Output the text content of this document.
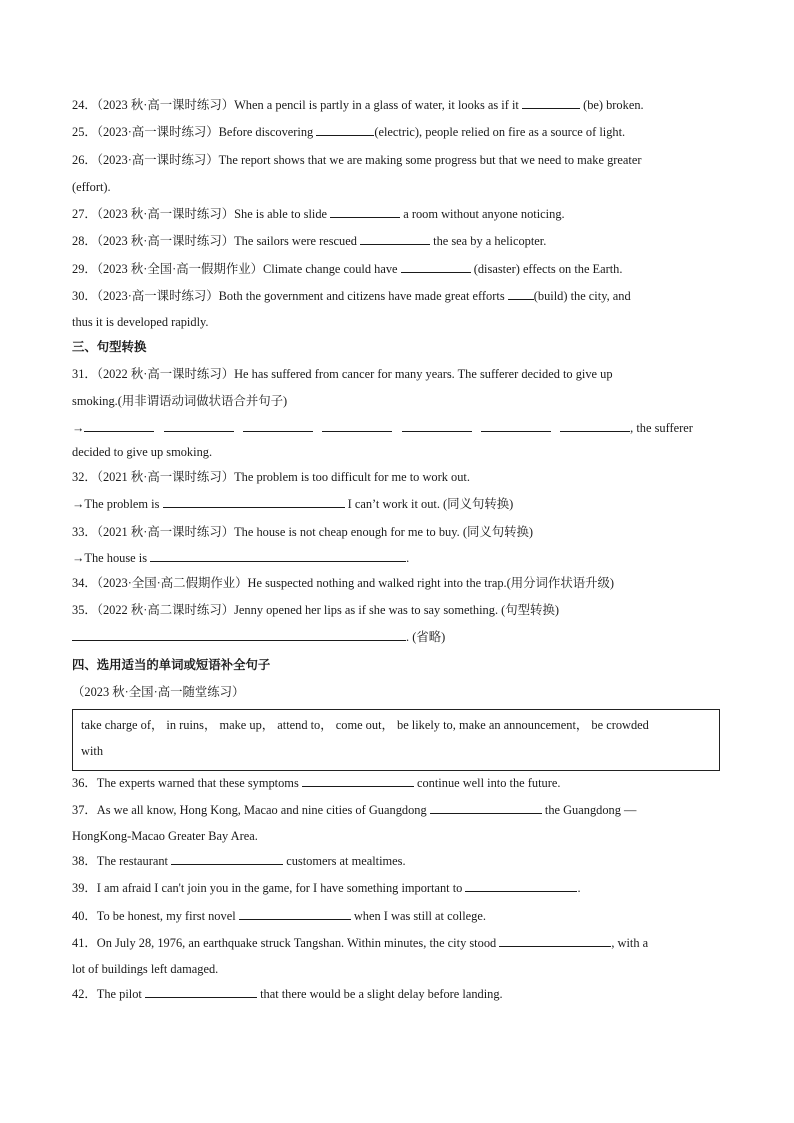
24．（2023 秋·高一课时练习）When a pencil is partly in a glass of water, it looks as if it	(be) broken.
25．（2023·高一课时练习）Before discovering	(electric), people relied on fire as a source of light.
26．（2023·高一课时练习）The report shows that we are making some progress but that we need to make greater
(effort).
27．（2023 秋·高一课时练习）She is able to slide	a room without anyone noticing.
28．（2023 秋·高一课时练习）The sailors were rescued	the sea by a helicopter.
29．（2023 秋·全国·高一假期作业）Climate change could have	(disaster) effects on the Earth.
30．（2023·高一课时练习）Both the government and citizens have made great efforts (build) the city, and
thus it is developed rapidly.
三、句型转换
31．（2022 秋·高一课时练习）He has suffered from cancer for many years. The sufferer decided to give up
smoking.(用非谓语动词做状语合并句子)
→	, the sufferer
decided to give up smoking.
32．（2021 秋·高一课时练习）The problem is too difficult for me to work out.
→The problem is	I can’t work it out. (同义句转换)
33．（2021 秋·高一课时练习）The house is not cheap enough for me to buy. (同义句转换)
→The house is	.
34．（2023·全国·高二假期作业）He suspected nothing and walked right into the trap.(用分词作状语升级)
35．（2022 秋·高二课时练习）Jenny opened her lips as if she was to say something. (句型转换)
. (省略)
四、选用适当的单词或短语补全句子
（2023 秋·全国·高一随堂练习）
take charge of， in ruins， make up， attend to， come out， be likely to, make an announcement， be crowded
with
36．The experts warned that these symptoms	continue well into the future.
37．As we all know, Hong Kong, Macao and nine cities of Guangdong	the Guangdong —
HongKong-Macao Greater Bay Area.
38．The restaurant	customers at mealtimes.
39．I am afraid I can't join you in the game, for I have something important to	.
40．To be honest, my first novel	when I was still at college.
41．On July 28, 1976, an earthquake struck Tangshan. Within minutes, the city stood	, with a
lot of buildings left damaged.
42．The pilot	that there would be a slight delay before landing.
